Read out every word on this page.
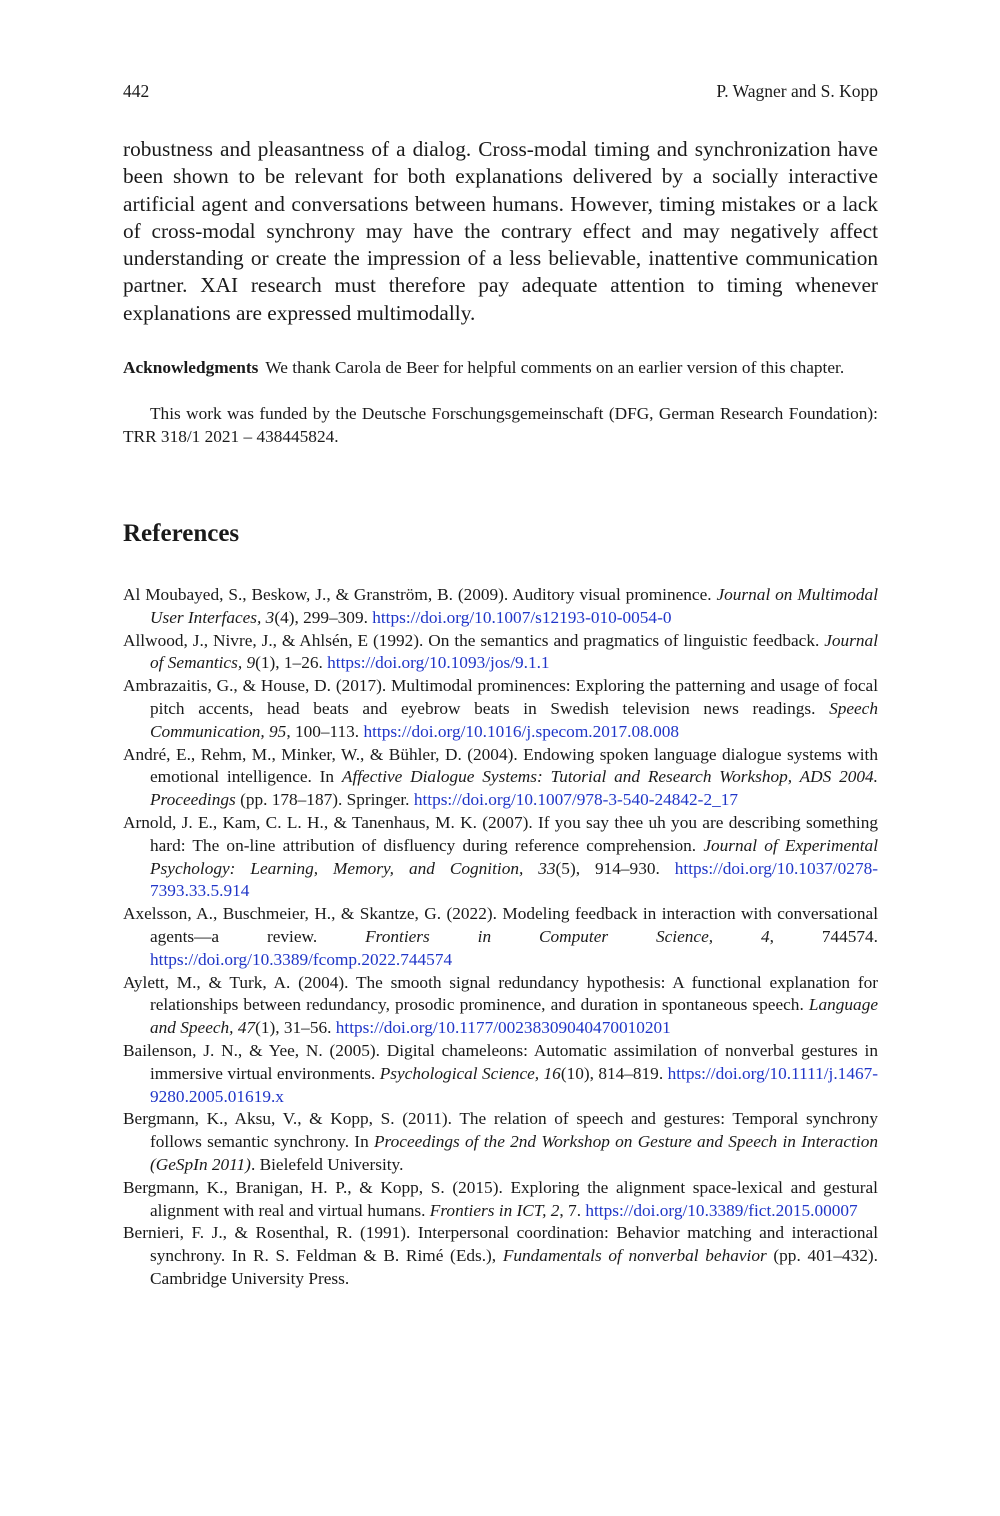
442	P. Wagner and S. Kopp

robustness and pleasantness of a dialog. Cross-modal timing and synchronization have been shown to be relevant for both explanations delivered by a socially interactive artificial agent and conversations between humans. However, timing mistakes or a lack of cross-modal synchrony may have the contrary effect and may negatively affect understanding or create the impression of a less believable, inattentive communication partner. XAI research must therefore pay adequate attention to timing whenever explanations are expressed multimodally.

Acknowledgments We thank Carola de Beer for helpful comments on an earlier version of this chapter.

This work was funded by the Deutsche Forschungsgemeinschaft (DFG, German Research Foundation): TRR 318/1 2021 – 438445824.

References
Al Moubayed, S., Beskow, J., & Granström, B. (2009). Auditory visual prominence. Journal on Multimodal User Interfaces, 3(4), 299–309. https://doi.org/10.1007/s12193-010-0054-0
Allwood, J., Nivre, J., & Ahlsén, E (1992). On the semantics and pragmatics of linguistic feedback. Journal of Semantics, 9(1), 1–26. https://doi.org/10.1093/jos/9.1.1
Ambrazaitis, G., & House, D. (2017). Multimodal prominences: Exploring the patterning and usage of focal pitch accents, head beats and eyebrow beats in Swedish television news readings. Speech Communication, 95, 100–113. https://doi.org/10.1016/j.specom.2017.08.008
André, E., Rehm, M., Minker, W., & Bühler, D. (2004). Endowing spoken language dialogue systems with emotional intelligence. In Affective Dialogue Systems: Tutorial and Research Workshop, ADS 2004. Proceedings (pp. 178–187). Springer. https://doi.org/10.1007/978-3-540-24842-2_17
Arnold, J. E., Kam, C. L. H., & Tanenhaus, M. K. (2007). If you say thee uh you are describing something hard: The on-line attribution of disfluency during reference comprehension. Journal of Experimental Psychology: Learning, Memory, and Cognition, 33(5), 914–930. https://doi.org/10.1037/0278-7393.33.5.914
Axelsson, A., Buschmeier, H., & Skantze, G. (2022). Modeling feedback in interaction with conversational agents—a review. Frontiers in Computer Science, 4, 744574. https://doi.org/10.3389/fcomp.2022.744574
Aylett, M., & Turk, A. (2004). The smooth signal redundancy hypothesis: A functional explanation for relationships between redundancy, prosodic prominence, and duration in spontaneous speech. Language and Speech, 47(1), 31–56. https://doi.org/10.1177/00238309040470010201
Bailenson, J. N., & Yee, N. (2005). Digital chameleons: Automatic assimilation of nonverbal gestures in immersive virtual environments. Psychological Science, 16(10), 814–819. https://doi.org/10.1111/j.1467-9280.2005.01619.x
Bergmann, K., Aksu, V., & Kopp, S. (2011). The relation of speech and gestures: Temporal synchrony follows semantic synchrony. In Proceedings of the 2nd Workshop on Gesture and Speech in Interaction (GeSpIn 2011). Bielefeld University.
Bergmann, K., Branigan, H. P., & Kopp, S. (2015). Exploring the alignment space-lexical and gestural alignment with real and virtual humans. Frontiers in ICT, 2, 7. https://doi.org/10.3389/fict.2015.00007
Bernieri, F. J., & Rosenthal, R. (1991). Interpersonal coordination: Behavior matching and interactional synchrony. In R. S. Feldman & B. Rimé (Eds.), Fundamentals of nonverbal behavior (pp. 401–432). Cambridge University Press.
